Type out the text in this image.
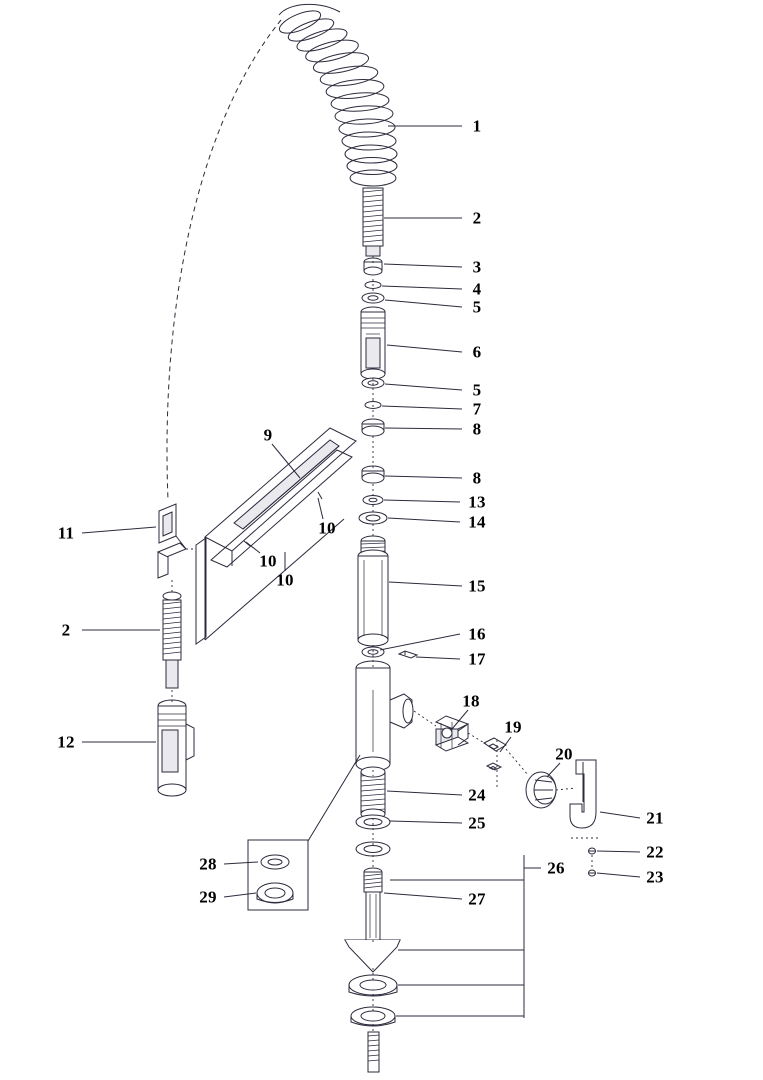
1
2
3
4
5
6
5
7
8
8
13
14
15
16
17
9
10
10
10
11
2
12
18
19
20
21
22
23
24
25
26
27
28
29
